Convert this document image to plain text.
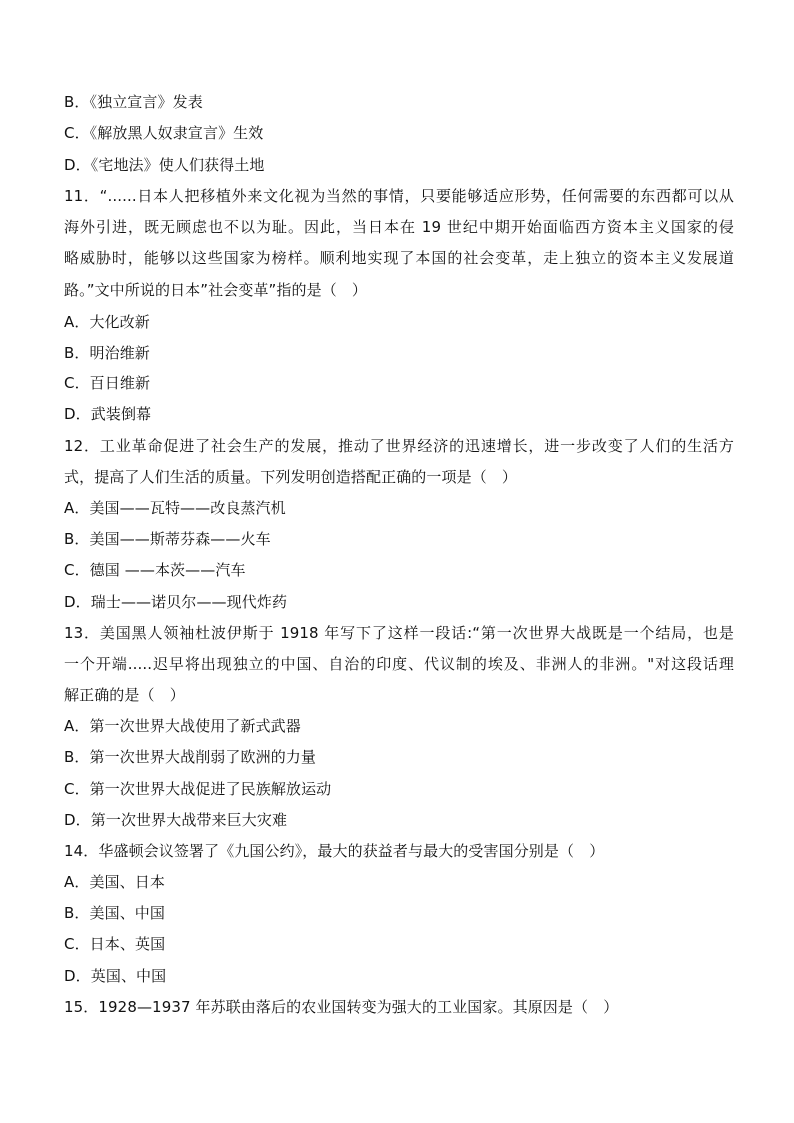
B．《独立宣言》发表
C．《解放黑人奴隶宣言》生效
D．《宅地法》使人们获得土地
11．“......日本人把移植外来文化视为当然的事情，只要能够适应形势，任何需要的东西都可以从
海外引进，既无顾虑也不以为耻。因此，当日本在 19 世纪中期开始面临西方资本主义国家的侵
略威胁时，能够以这些国家为榜样。顺利地实现了本国的社会变革，走上独立的资本主义发展道
路。”文中所说的日本”社会变革”指的是（　）
A．大化改新
B．明治维新
C．百日维新
D．武装倒幕
12．工业革命促进了社会生产的发展，推动了世界经济的迅速增长，进一步改变了人们的生活方
式，提高了人们生活的质量。下列发明创造搭配正确的一项是（　）
A．美国——瓦特——改良蒸汽机
B．美国——斯蒂芬森——火车
C．德国 ——本茨——汽车
D．瑞士——诺贝尔——现代炸药
13．美国黑人领袖杜波伊斯于 1918 年写下了这样一段话:“第一次世界大战既是一个结局，也是
一个开端.....迟早将出现独立的中国、自治的印度、代议制的埃及、非洲人的非洲。"对这段话理
解正确的是（　）
A．第一次世界大战使用了新式武器
B．第一次世界大战削弱了欧洲的力量
C．第一次世界大战促进了民族解放运动
D．第一次世界大战带来巨大灾难
14．华盛顿会议签署了《九国公约》，最大的获益者与最大的受害国分别是（　）
A．美国、日本
B．美国、中国
C．日本、英国
D．英国、中国
15．1928—1937 年苏联由落后的农业国转变为强大的工业国家。其原因是（　）
